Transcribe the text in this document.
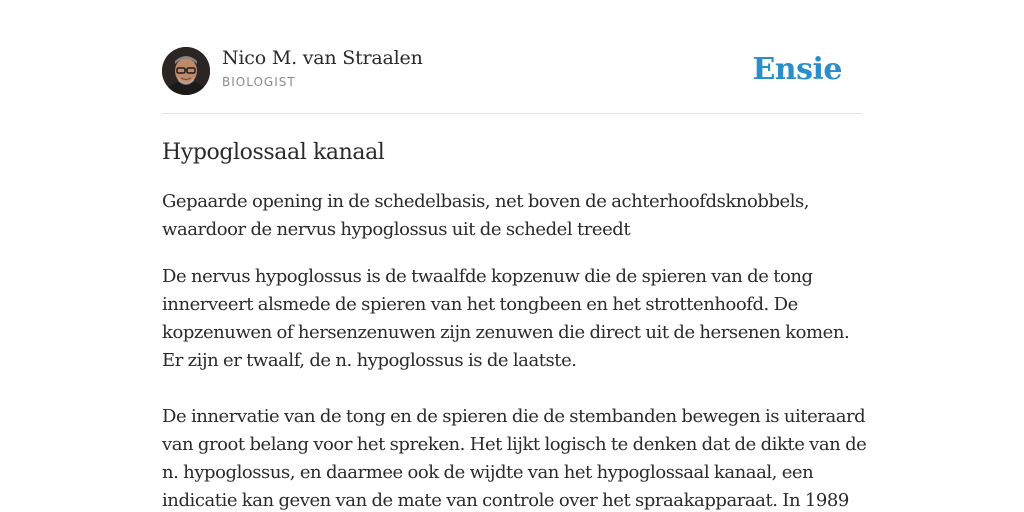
Nico M. van Straalen
BIOLOGIST	Ensie
Hypoglossaal kanaal

Gepaarde opening in de schedelbasis, net boven de achterhoofdsknobbels,
waardoor de nervus hypoglossus uit de schedel treedt

De nervus hypoglossus is de twaalfde kopzenuw die de spieren van de tong
innerveert alsmede de spieren van het tongbeen en het strottenhoofd. De
kopzenuwen of hersenzenuwen zijn zenuwen die direct uit de hersenen komen.
Er zijn er twaalf, de n. hypoglossus is de laatste.

De innervatie van de tong en de spieren die de stembanden bewegen is uiteraard
van groot belang voor het spreken. Het lijkt logisch te denken dat de dikte van de
n. hypoglossus, en daarmee ook de wijdte van het hypoglossaal kanaal, een
indicatie kan geven van de mate van controle over het spraakapparaat. In 1989
